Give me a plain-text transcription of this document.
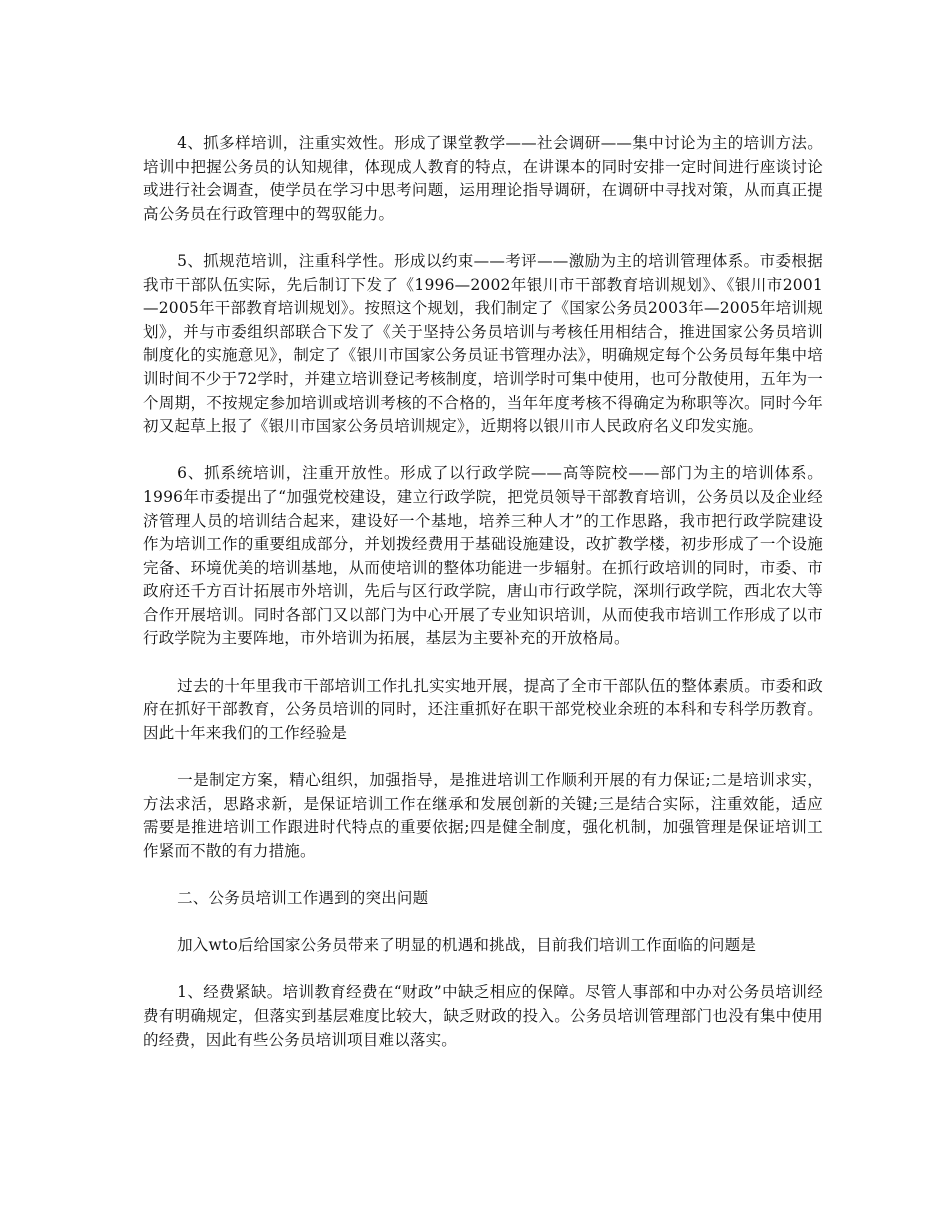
4、抓多样培训，注重实效性。形成了课堂教学——社会调研——集中讨论为主的培训方法。培训中把握公务员的认知规律，体现成人教育的特点，在讲课本的同时安排一定时间进行座谈讨论或进行社会调查，使学员在学习中思考问题，运用理论指导调研，在调研中寻找对策，从而真正提高公务员在行政管理中的驾驭能力。

5、抓规范培训，注重科学性。形成以约束——考评——激励为主的培训管理体系。市委根据我市干部队伍实际，先后制订下发了《1996—2002年银川市干部教育培训规划》、《银川市2001—2005年干部教育培训规划》。按照这个规划，我们制定了《国家公务员2003年—2005年培训规划》，并与市委组织部联合下发了《关于坚持公务员培训与考核任用相结合，推进国家公务员培训制度化的实施意见》，制定了《银川市国家公务员证书管理办法》，明确规定每个公务员每年集中培训时间不少于72学时，并建立培训登记考核制度，培训学时可集中使用，也可分散使用，五年为一个周期，不按规定参加培训或培训考核的不合格的，当年年度考核不得确定为称职等次。同时今年初又起草上报了《银川市国家公务员培训规定》，近期将以银川市人民政府名义印发实施。

6、抓系统培训，注重开放性。形成了以行政学院——高等院校——部门为主的培训体系。1996年市委提出了“加强党校建设，建立行政学院，把党员领导干部教育培训，公务员以及企业经济管理人员的培训结合起来，建设好一个基地，培养三种人才”的工作思路，我市把行政学院建设作为培训工作的重要组成部分，并划拨经费用于基础设施建设，改扩教学楼，初步形成了一个设施完备、环境优美的培训基地，从而使培训的整体功能进一步辐射。在抓行政培训的同时，市委、市政府还千方百计拓展市外培训，先后与区行政学院，唐山市行政学院，深圳行政学院，西北农大等合作开展培训。同时各部门又以部门为中心开展了专业知识培训，从而使我市培训工作形成了以市行政学院为主要阵地，市外培训为拓展，基层为主要补充的开放格局。

过去的十年里我市干部培训工作扎扎实实地开展，提高了全市干部队伍的整体素质。市委和政府在抓好干部教育，公务员培训的同时，还注重抓好在职干部党校业余班的本科和专科学历教育。因此十年来我们的工作经验是

一是制定方案，精心组织，加强指导，是推进培训工作顺利开展的有力保证;二是培训求实，方法求活，思路求新，是保证培训工作在继承和发展创新的关键;三是结合实际，注重效能，适应需要是推进培训工作跟进时代特点的重要依据;四是健全制度，强化机制，加强管理是保证培训工作紧而不散的有力措施。

二、公务员培训工作遇到的突出问题

加入wto后给国家公务员带来了明显的机遇和挑战，目前我们培训工作面临的问题是

1、经费紧缺。培训教育经费在“财政”中缺乏相应的保障。尽管人事部和中办对公务员培训经费有明确规定，但落实到基层难度比较大，缺乏财政的投入。公务员培训管理部门也没有集中使用的经费，因此有些公务员培训项目难以落实。
